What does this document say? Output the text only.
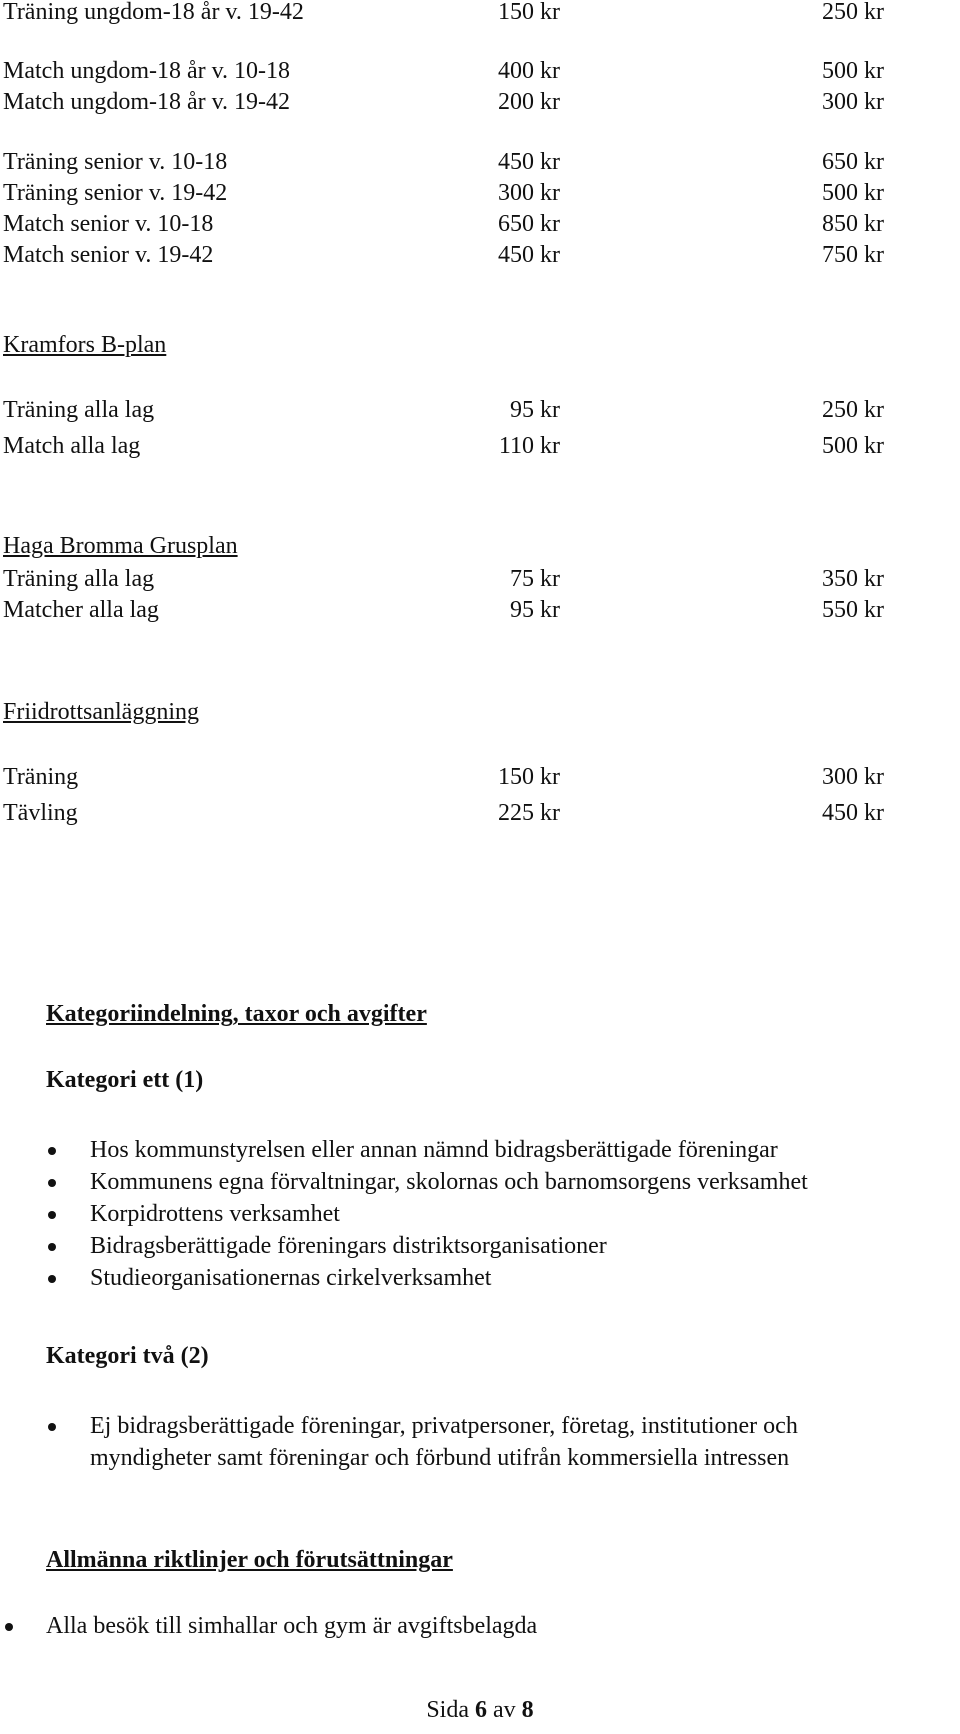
Träning ungdom-18 år v. 19-42	150 kr	250 kr
Match ungdom-18 år v. 10-18	400 kr	500 kr
Match ungdom-18 år v. 19-42	200 kr	300 kr
Träning senior v. 10-18	450 kr	650 kr
Träning senior v. 19-42	300 kr	500 kr
Match senior v. 10-18	650 kr	850 kr
Match senior v. 19-42	450 kr	750 kr
Kramfors B-plan
Träning alla lag	95 kr	250 kr
Match alla lag	110 kr	500 kr
Haga Bromma Grusplan
Träning alla lag	75 kr	350 kr
Matcher alla lag	95 kr	550 kr
Friidrottsanläggning
Träning	150 kr	300 kr
Tävling	225 kr	450 kr
Kategoriindelning, taxor och avgifter
Kategori ett (1)
Hos kommunstyrelsen eller annan nämnd bidragsberättigade föreningar
Kommunens egna förvaltningar, skolornas och barnomsorgens verksamhet
Korpidrottens verksamhet
Bidragsberättigade föreningars distriktsorganisationer
Studieorganisationernas cirkelverksamhet
Kategori två (2)
Ej bidragsberättigade föreningar, privatpersoner, företag, institutioner och
myndigheter samt föreningar och förbund utifrån kommersiella intressen
Allmänna riktlinjer och förutsättningar
Alla besök till simhallar och gym är avgiftsbelagda
Sida 6 av 8
